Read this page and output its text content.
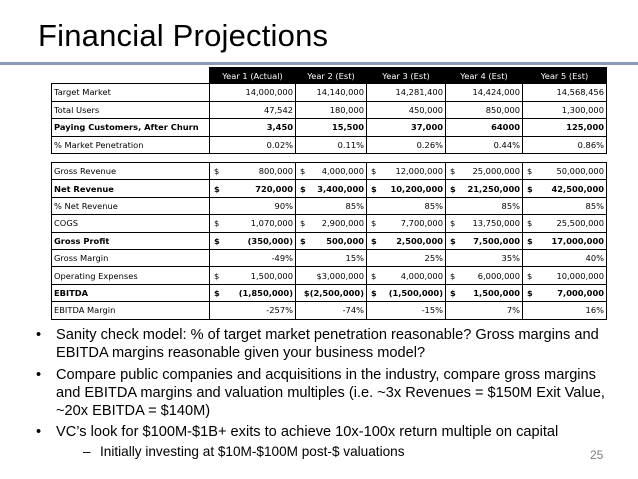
Financial Projections
	Year 1 (Actual)	Year 2 (Est)	Year 3 (Est)	Year 4 (Est)	Year 5 (Est)
Target Market	14,000,000	14,140,000	14,281,400	14,424,000	14,568,456
Total Users	47,542	180,000	450,000	850,000	1,300,000
Paying Customers, After Churn	3,450	15,500	37,000	64000	125,000
% Market Penetration	0.02%	0.11%	0.26%	0.44%	0.86%
Gross Revenue	$ 800,000	$ 4,000,000	$ 12,000,000	$ 25,000,000	$ 50,000,000

Net Revenue	$ 720,000	$ 3,400,000	$ 10,200,000	$ 21,250,000	$ 42,500,000

% Net Revenue	90%	85%	85%	85%	85%

COGS	$ 1,070,000	$ 2,900,000	$ 7,700,000	$ 13,750,000	$ 25,500,000

Gross Profit	$ (350,000)	$ 500,000	$ 2,500,000	$ 7,500,000	$ 17,000,000

Gross Margin	-49%	15%	25%	35%	40%

Operating Expenses	$ 1,500,000	$3,000,000	$ 4,000,000	$ 6,000,000	$ 10,000,000

EBITDA	$ (1,850,000)	$(2,500,000)	$ (1,500,000)	$ 1,500,000	$ 7,000,000

EBITDA Margin	-257%	-74%	-15%	7%	16%
• Sanity check model: % of target market penetration reasonable? Gross margins and EBITDA margins reasonable given your business model?
• Compare public companies and acquisitions in the industry, compare gross margins and EBITDA margins and valuation multiples (i.e. ~3x Revenues = $150M Exit Value, ~20x EBITDA = $140M)
• VC’s look for $100M-$1B+ exits to achieve 10x-100x return multiple on capital
– Initially investing at $10M-$100M post-$ valuations	25
